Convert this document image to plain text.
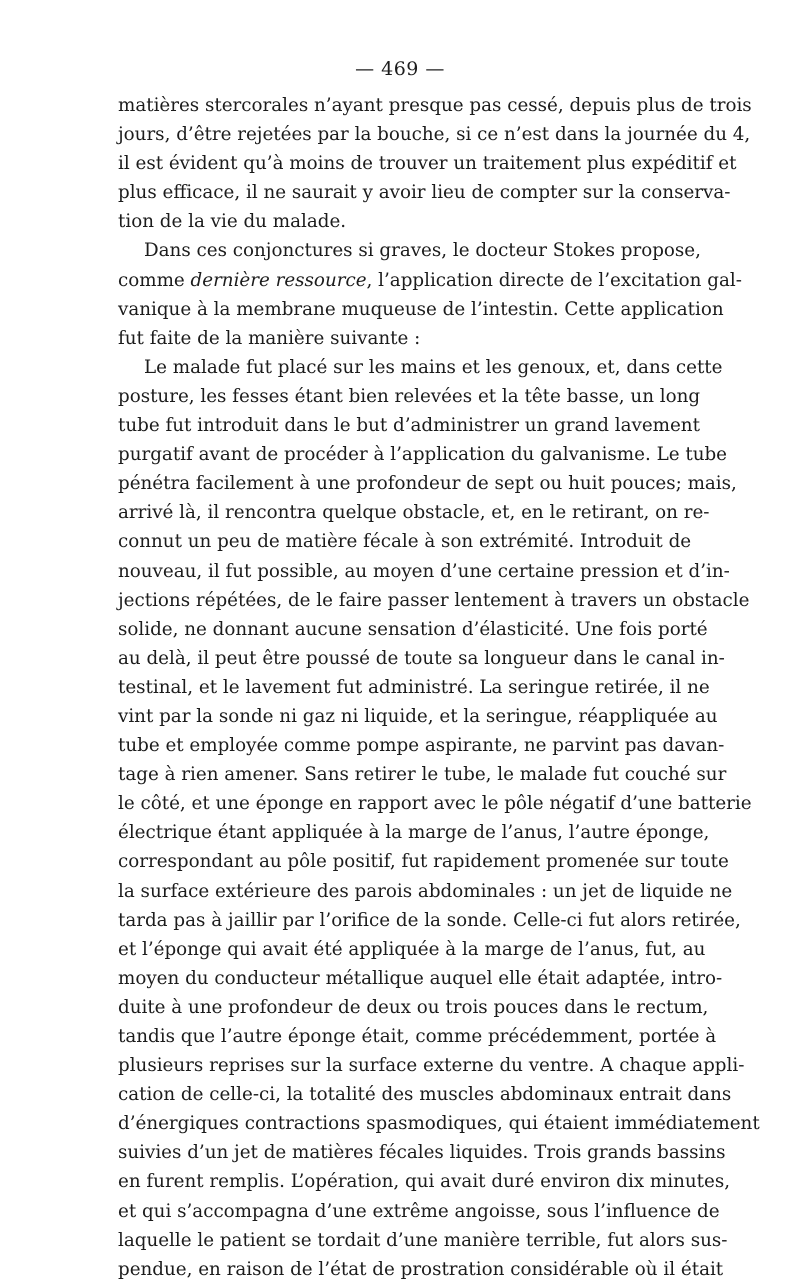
— 469 —
matières stercorales n’ayant presque pas cessé, depuis plus de trois
jours, d’être rejetées par la bouche, si ce n’est dans la journée du 4,
il est évident qu’à moins de trouver un traitement plus expéditif et
plus efficace, il ne saurait y avoir lieu de compter sur la conserva-
tion de la vie du malade.
Dans ces conjonctures si graves, le docteur Stokes propose,
comme dernière ressource, l’application directe de l’excitation gal-
vanique à la membrane muqueuse de l’intestin. Cette application
fut faite de la manière suivante :
Le malade fut placé sur les mains et les genoux, et, dans cette
posture, les fesses étant bien relevées et la tête basse, un long
tube fut introduit dans le but d’administrer un grand lavement
purgatif avant de procéder à l’application du galvanisme. Le tube
pénétra facilement à une profondeur de sept ou huit pouces; mais,
arrivé là, il rencontra quelque obstacle, et, en le retirant, on re-
connut un peu de matière fécale à son extrémité. Introduit de
nouveau, il fut possible, au moyen d’une certaine pression et d’in-
jections répétées, de le faire passer lentement à travers un obstacle
solide, ne donnant aucune sensation d’élasticité. Une fois porté
au delà, il peut être poussé de toute sa longueur dans le canal in-
testinal, et le lavement fut administré. La seringue retirée, il ne
vint par la sonde ni gaz ni liquide, et la seringue, réappliquée au
tube et employée comme pompe aspirante, ne parvint pas davan-
tage à rien amener. Sans retirer le tube, le malade fut couché sur
le côté, et une éponge en rapport avec le pôle négatif d’une batterie
électrique étant appliquée à la marge de l’anus, l’autre éponge,
correspondant au pôle positif, fut rapidement promenée sur toute
la surface extérieure des parois abdominales : un jet de liquide ne
tarda pas à jaillir par l’orifice de la sonde. Celle-ci fut alors retirée,
et l’éponge qui avait été appliquée à la marge de l’anus, fut, au
moyen du conducteur métallique auquel elle était adaptée, intro-
duite à une profondeur de deux ou trois pouces dans le rectum,
tandis que l’autre éponge était, comme précédemment, portée à
plusieurs reprises sur la surface externe du ventre. A chaque appli-
cation de celle-ci, la totalité des muscles abdominaux entrait dans
d’énergiques contractions spasmodiques, qui étaient immédiatement
suivies d’un jet de matières fécales liquides. Trois grands bassins
en furent remplis. L’opération, qui avait duré environ dix minutes,
et qui s’accompagna d’une extrême angoisse, sous l’influence de
laquelle le patient se tordait d’une manière terrible, fut alors sus-
pendue, en raison de l’état de prostration considérable où il était
